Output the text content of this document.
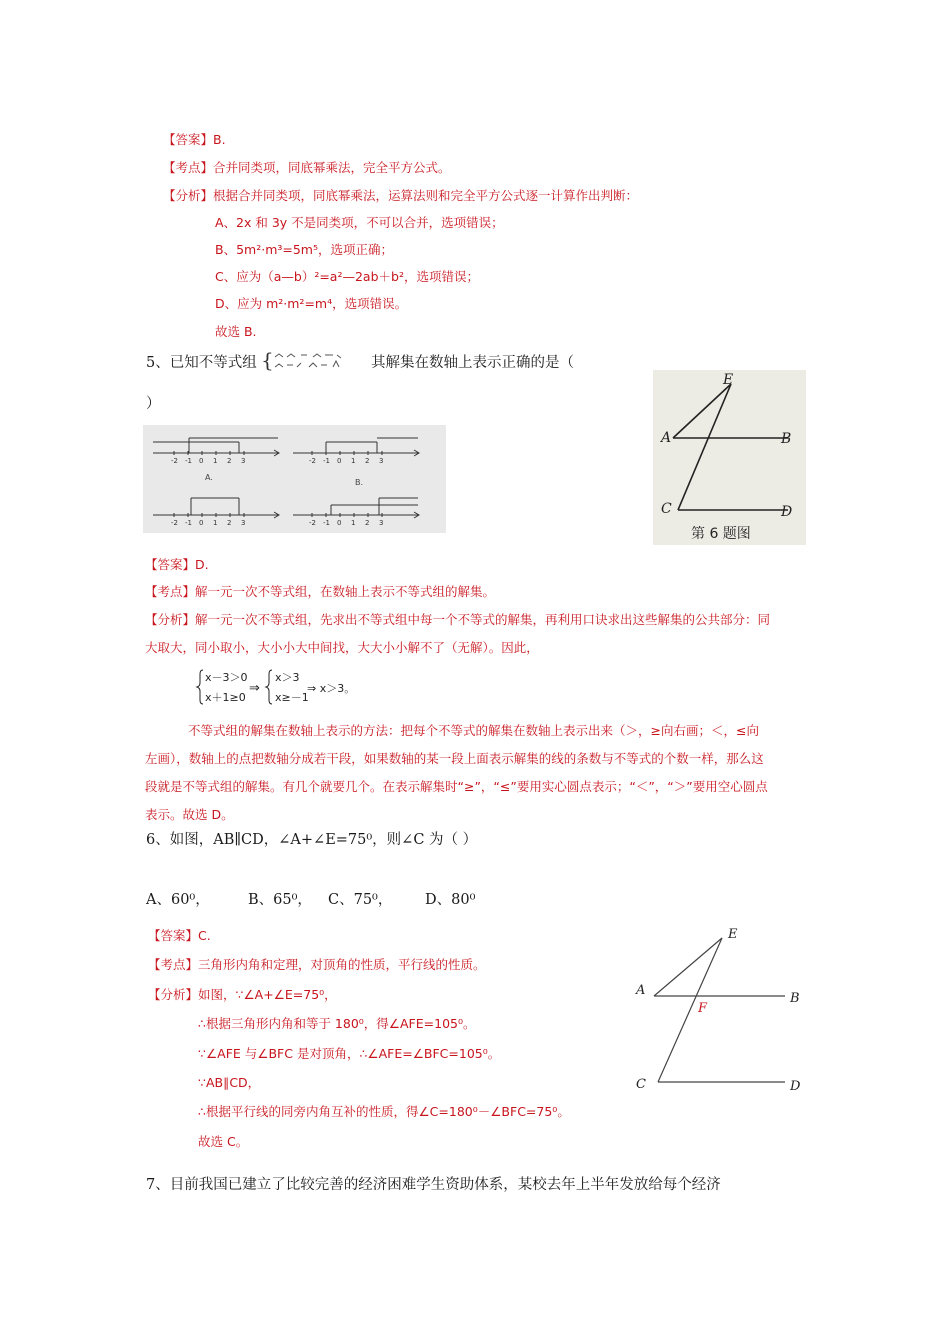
【答案】B.
【考点】合并同类项，同底幂乘法，完全平方公式。
【分析】根据合并同类项，同底幂乘法，运算法则和完全平方公式逐一计算作出判断：
A、2x 和 3y 不是同类项，不可以合并，选项错误；
B、5m²·m³=5m⁵，选项正确；
C、应为（a—b）²=a²—2ab＋b²，选项错误；
D、应为 m²·m²=m⁴，选项错误。
故选 B.
5、已知不等式组 {	其解集在数轴上表示正确的是（
）
-2 -1 0 1 2 3	-2 -1 0 1 2 3
-2 -1 0 1 2 3	-2 -1 0 1 2 3
A.
B.
E
A	B
C	D
第 6 题图
【答案】D.
【考点】解一元一次不等式组，在数轴上表示不等式组的解集。
【分析】解一元一次不等式组，先求出不等式组中每一个不等式的解集，再利用口诀求出这些解集的公共部分：同
大取大，同小取小，大小小大中间找，大大小小解不了（无解）。因此，
x－3＞0
x＋1≥0
⇒
x＞3
x≥－1
⇒ x＞3。
不等式组的解集在数轴上表示的方法：把每个不等式的解集在数轴上表示出来（＞，≥向右画；＜，≤向
左画），数轴上的点把数轴分成若干段，如果数轴的某一段上面表示解集的线的条数与不等式的个数一样，那么这
段就是不等式组的解集。有几个就要几个。在表示解集时“≥”，“≤”要用实心圆点表示；“＜”，“＞”要用空心圆点
表示。故选 D。
6、如图，AB∥CD，∠A+∠E=75⁰，则∠C 为（ ）
A、60⁰，	B、65⁰， C、75⁰， D、80⁰
【答案】C.
【考点】三角形内角和定理，对顶角的性质，平行线的性质。
【分析】如图，∵∠A+∠E=75⁰，
∴根据三角形内角和等于 180⁰，得∠AFE=105⁰。
∵∠AFE 与∠BFC 是对顶角，∴∠AFE=∠BFC=105⁰。
∵AB∥CD，
∴根据平行线的同旁内角互补的性质，得∠C=180⁰－∠BFC=75⁰。
故选 C。
E
A
B
C	D
F
7、目前我国已建立了比较完善的经济困难学生资助体系，某校去年上半年发放给每个经济
